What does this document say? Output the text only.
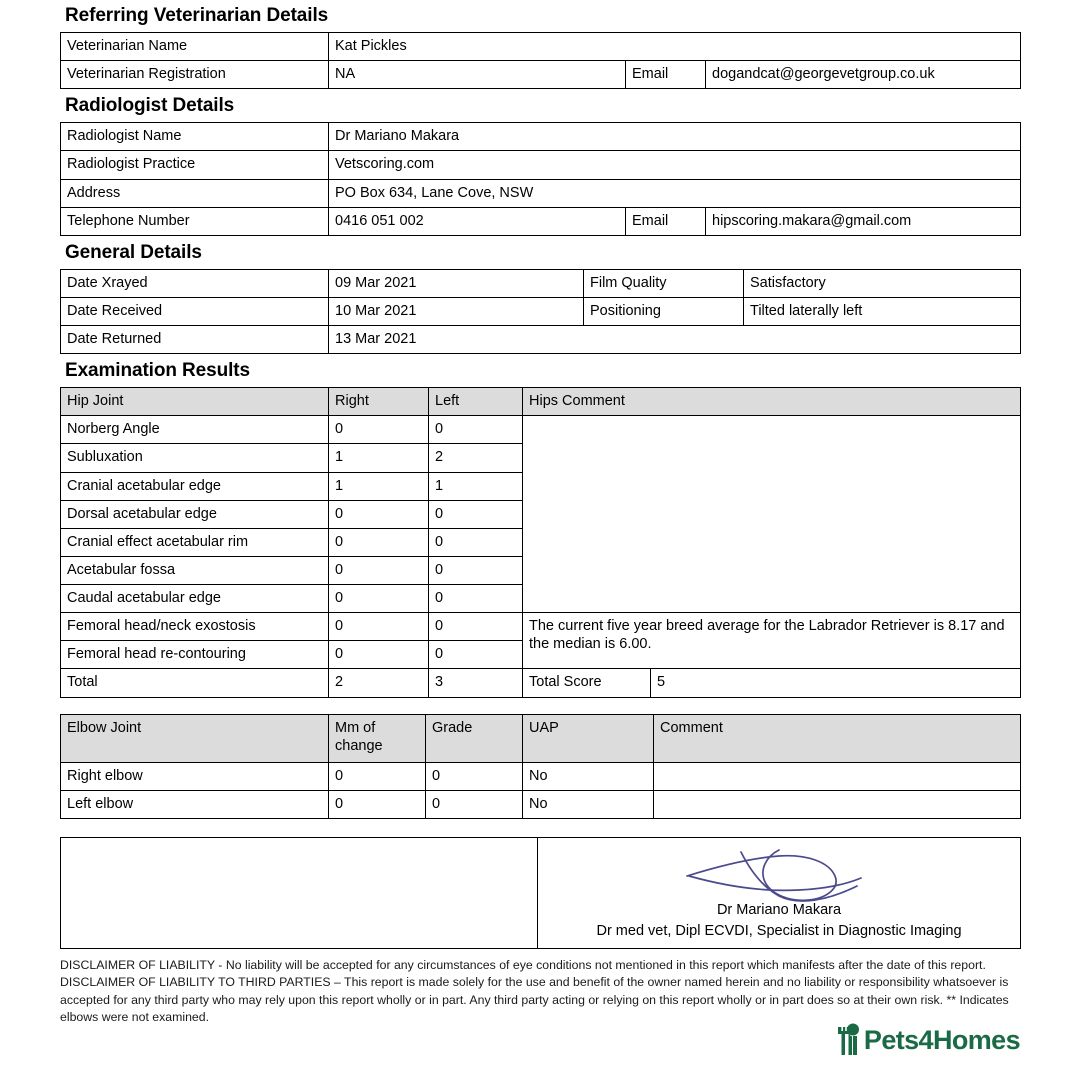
Referring Veterinarian Details
Veterinarian Name	Kat Pickles		
Veterinarian Registration	NA	Email	dogandcat@georgevetgroup.co.uk
Radiologist Details
Radiologist Name	Dr Mariano Makara		
Radiologist Practice	Vetscoring.com		
Address	PO Box 634, Lane Cove, NSW		
Telephone Number	0416 051 002	Email	hipscoring.makara@gmail.com
General Details
Date Xrayed	09 Mar 2021	Film Quality	Satisfactory
Date Received	10 Mar 2021	Positioning	Tilted laterally left
Date Returned	13 Mar 2021		
Examination Results
Hip Joint	Right	Left	Hips Comment	
Norberg Angle	0	0		
Subluxation	1	2		
Cranial acetabular edge	1	1		
Dorsal acetabular edge	0	0		
Cranial effect acetabular rim	0	0		
Acetabular fossa	0	0		
Caudal acetabular edge	0	0		
Femoral head/neck exostosis	0	0	The current five year breed average for the Labrador Retriever is 8.17 and the median is 6.00.	
Femoral head re-contouring	0	0		
Total	2	3	Total Score	5
Elbow Joint	Mm of change	Grade	UAP	Comment
Right elbow	0	0	No	
Left elbow	0	0	No	

Dr Mariano Makara
Dr med vet, Dipl ECVDI, Specialist in Diagnostic Imaging

DISCLAIMER OF LIABILITY - No liability will be accepted for any circumstances of eye conditions not mentioned in this report which manifests after the date of this report.

DISCLAIMER OF LIABILITY TO THIRD PARTIES – This report is made solely for the use and benefit of the owner named herein and no liability or responsibility whatsoever is accepted for any third party who may rely upon this report wholly or in part. Any third party acting or relying on this report wholly or in part does so at their own risk. ** Indicates elbows were not examined.

Pets4Homes
